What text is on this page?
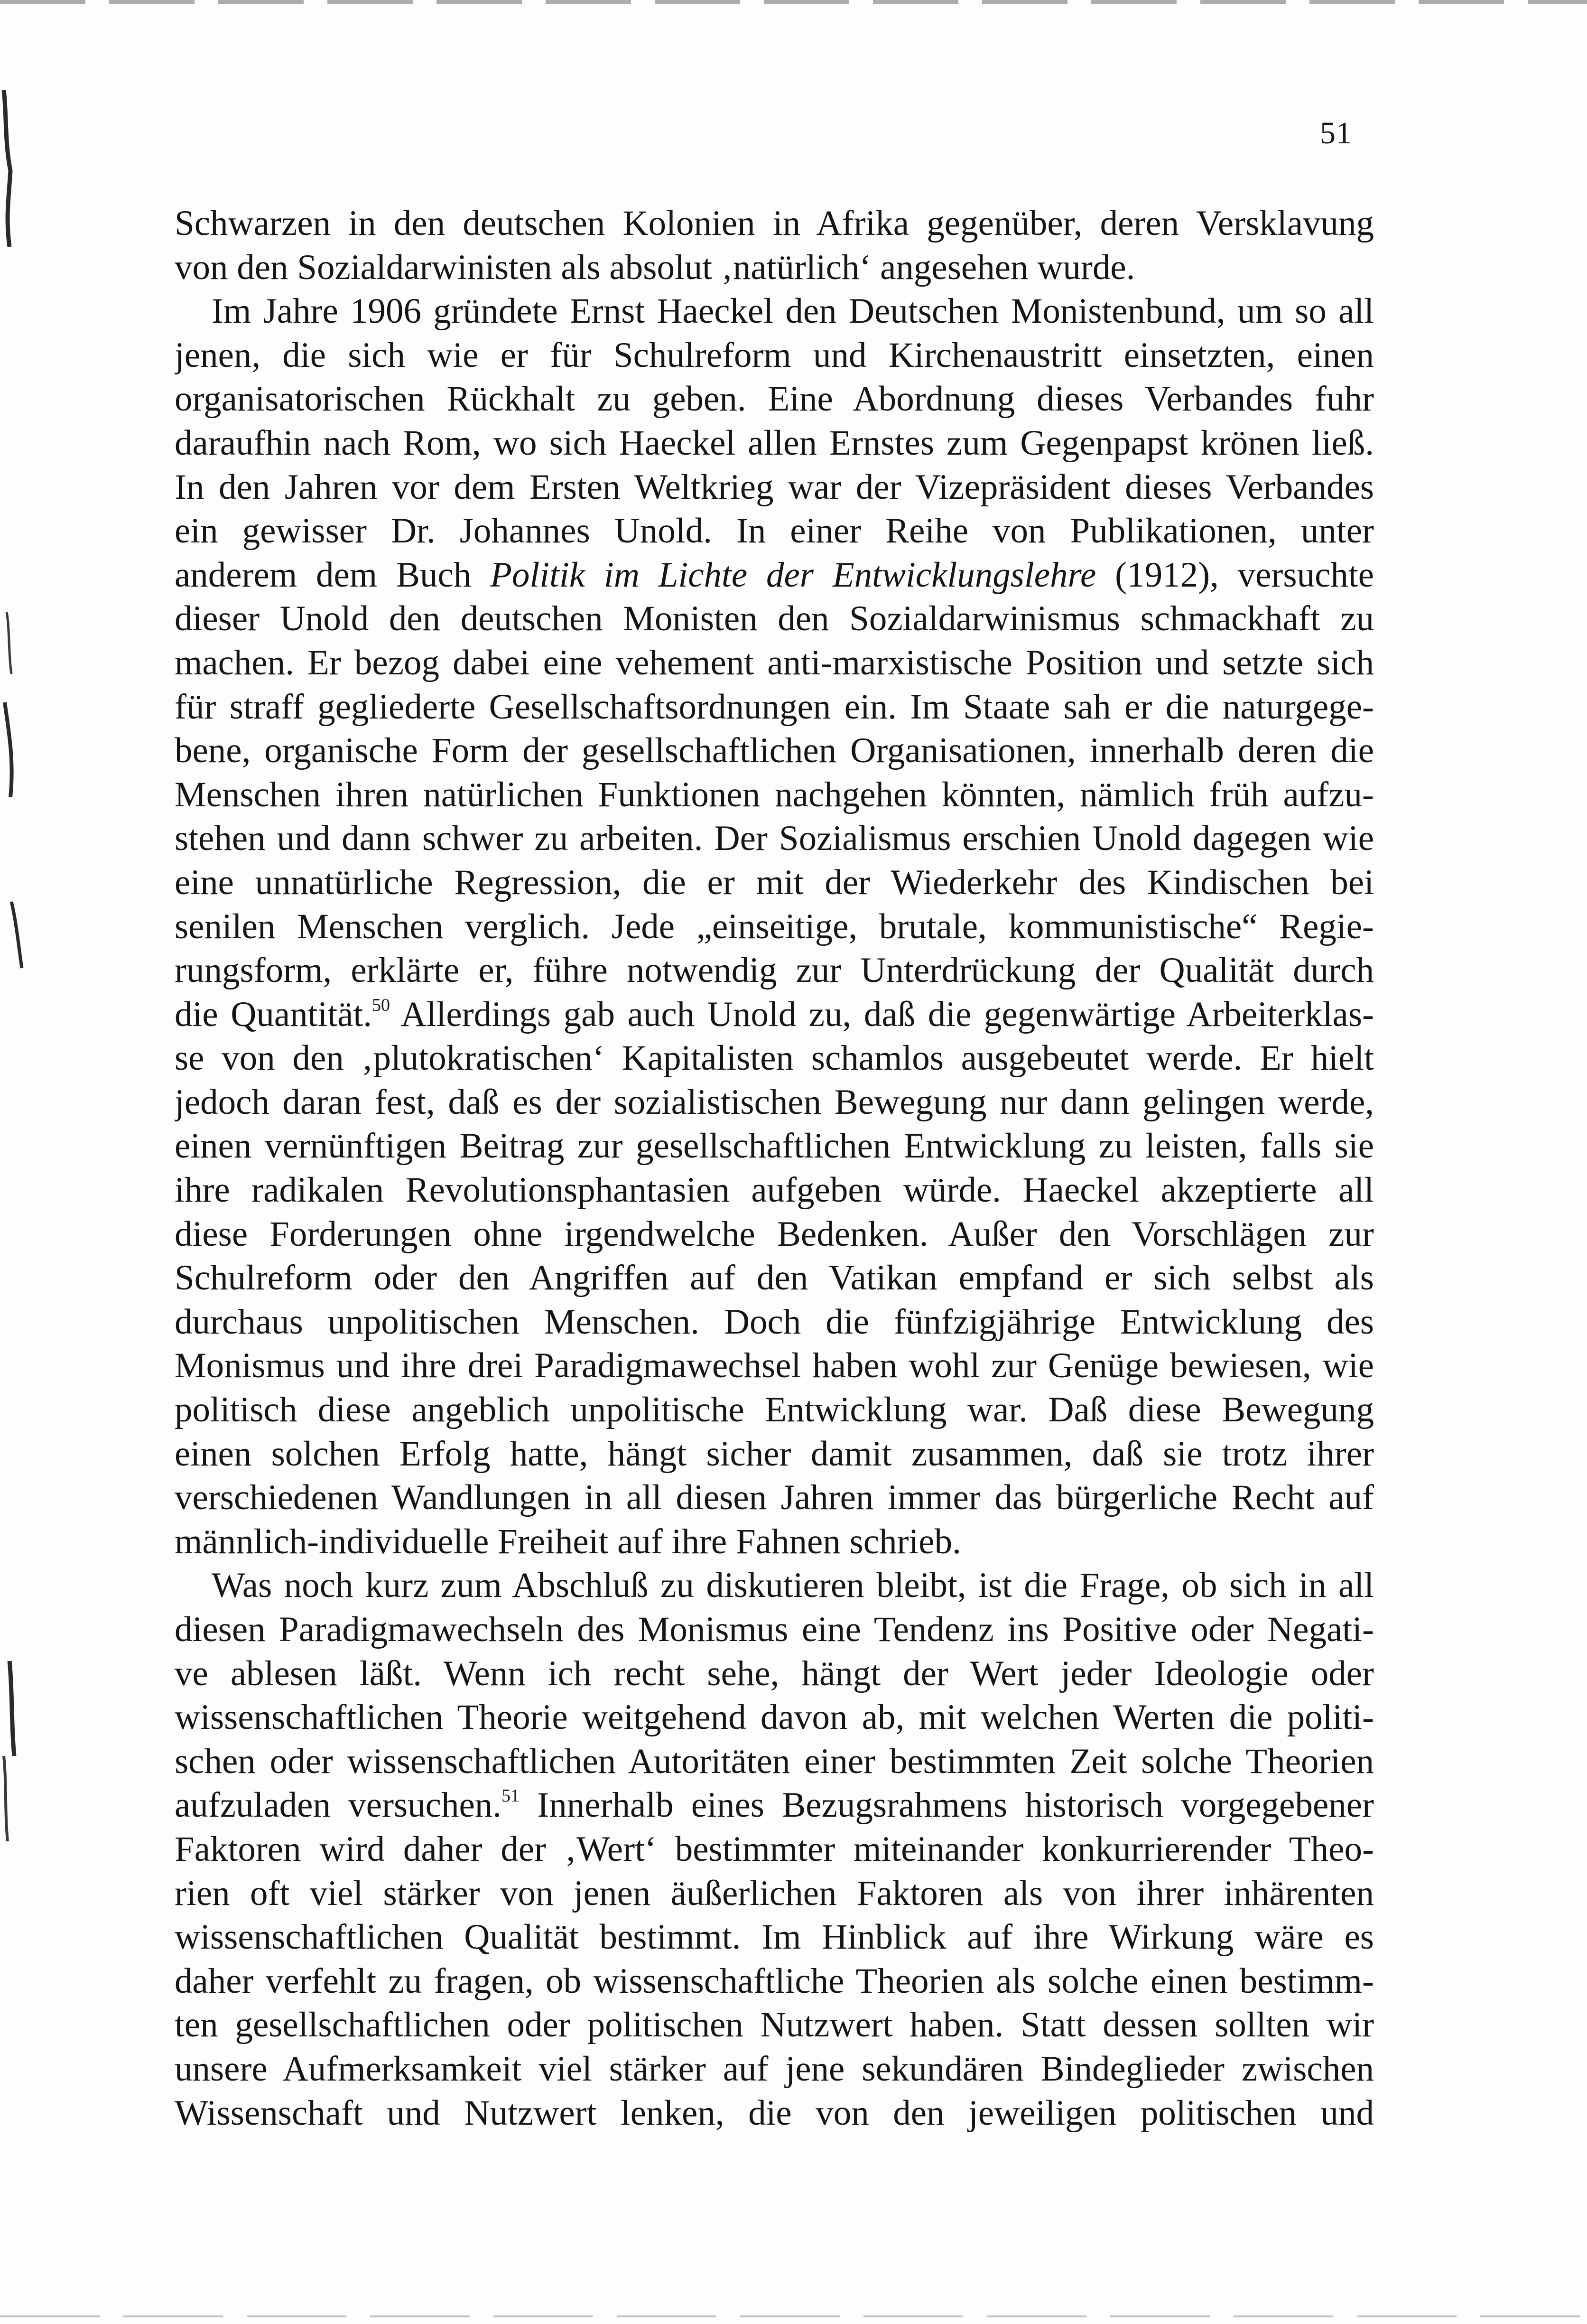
51
Schwarzen in den deutschen Kolonien in Afrika gegenüber, deren Versklavung
von den Sozialdarwinisten als absolut ‚natürlich‘ angesehen wurde.
Im Jahre 1906 gründete Ernst Haeckel den Deutschen Monistenbund, um so all
jenen, die sich wie er für Schulreform und Kirchenaustritt einsetzten, einen
organisatorischen Rückhalt zu geben. Eine Abordnung dieses Verbandes fuhr
daraufhin nach Rom, wo sich Haeckel allen Ernstes zum Gegenpapst krönen ließ.
In den Jahren vor dem Ersten Weltkrieg war der Vizepräsident dieses Verbandes
ein gewisser Dr. Johannes Unold. In einer Reihe von Publikationen, unter
anderem dem Buch Politik im Lichte der Entwicklungslehre (1912), versuchte
dieser Unold den deutschen Monisten den Sozialdarwinismus schmackhaft zu
machen. Er bezog dabei eine vehement anti-marxistische Position und setzte sich
für straff gegliederte Gesellschaftsordnungen ein. Im Staate sah er die naturgege-
bene, organische Form der gesellschaftlichen Organisationen, innerhalb deren die
Menschen ihren natürlichen Funktionen nachgehen könnten, nämlich früh aufzu-
stehen und dann schwer zu arbeiten. Der Sozialismus erschien Unold dagegen wie
eine unnatürliche Regression, die er mit der Wiederkehr des Kindischen bei
senilen Menschen verglich. Jede „einseitige, brutale, kommunistische“ Regie-
rungsform, erklärte er, führe notwendig zur Unterdrückung der Qualität durch
die Quantität.$^{50}$ Allerdings gab auch Unold zu, daß die gegenwärtige Arbeiterklas-
se von den ‚plutokratischen‘ Kapitalisten schamlos ausgebeutet werde. Er hielt
jedoch daran fest, daß es der sozialistischen Bewegung nur dann gelingen werde,
einen vernünftigen Beitrag zur gesellschaftlichen Entwicklung zu leisten, falls sie
ihre radikalen Revolutionsphantasien aufgeben würde. Haeckel akzeptierte all
diese Forderungen ohne irgendwelche Bedenken. Außer den Vorschlägen zur
Schulreform oder den Angriffen auf den Vatikan empfand er sich selbst als
durchaus unpolitischen Menschen. Doch die fünfzigjährige Entwicklung des
Monismus und ihre drei Paradigmawechsel haben wohl zur Genüge bewiesen, wie
politisch diese angeblich unpolitische Entwicklung war. Daß diese Bewegung
einen solchen Erfolg hatte, hängt sicher damit zusammen, daß sie trotz ihrer
verschiedenen Wandlungen in all diesen Jahren immer das bürgerliche Recht auf
männlich-individuelle Freiheit auf ihre Fahnen schrieb.
Was noch kurz zum Abschluß zu diskutieren bleibt, ist die Frage, ob sich in all
diesen Paradigmawechseln des Monismus eine Tendenz ins Positive oder Negati-
ve ablesen läßt. Wenn ich recht sehe, hängt der Wert jeder Ideologie oder
wissenschaftlichen Theorie weitgehend davon ab, mit welchen Werten die politi-
schen oder wissenschaftlichen Autoritäten einer bestimmten Zeit solche Theorien
aufzuladen versuchen.$^{51}$ Innerhalb eines Bezugsrahmens historisch vorgegebener
Faktoren wird daher der ‚Wert‘ bestimmter miteinander konkurrierender Theo-
rien oft viel stärker von jenen äußerlichen Faktoren als von ihrer inhärenten
wissenschaftlichen Qualität bestimmt. Im Hinblick auf ihre Wirkung wäre es
daher verfehlt zu fragen, ob wissenschaftliche Theorien als solche einen bestimm-
ten gesellschaftlichen oder politischen Nutzwert haben. Statt dessen sollten wir
unsere Aufmerksamkeit viel stärker auf jene sekundären Bindeglieder zwischen
Wissenschaft und Nutzwert lenken, die von den jeweiligen politischen und
